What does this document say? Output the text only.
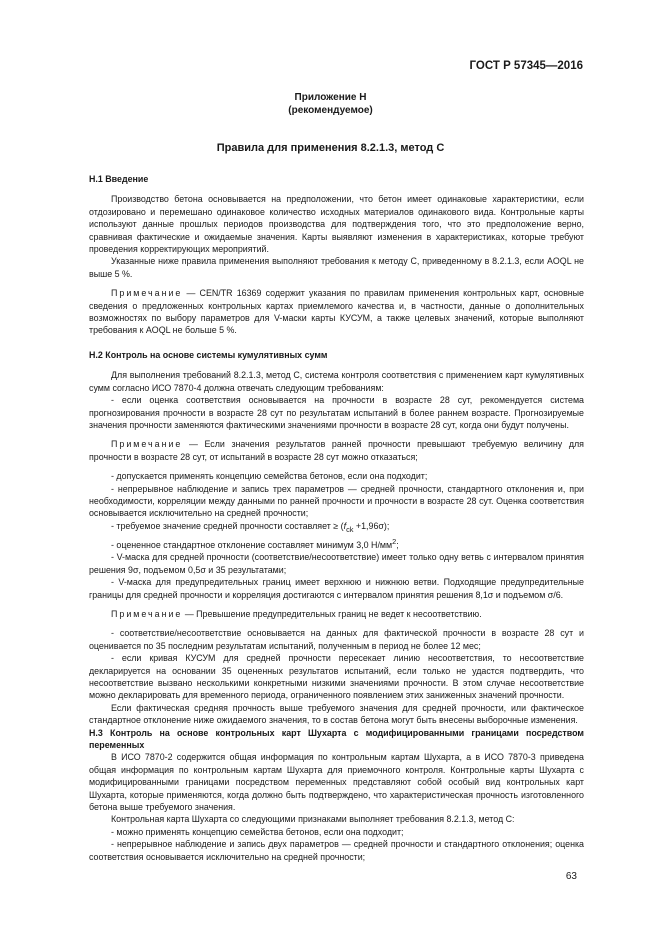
ГОСТ Р 57345—2016
Приложение Н
(рекомендуемое)
Правила для применения 8.2.1.3, метод С

Н.1 Введение

Производство бетона основывается на предположении, что бетон имеет одинаковые характеристики, если отдозировано и перемешано одинаковое количество исходных материалов одинакового вида. Контрольные карты используют данные прошлых периодов производства для подтверждения того, что это предположение верно, сравнивая фактические и ожидаемые значения. Карты выявляют изменения в характеристиках, которые требуют проведения корректирующих мероприятий.

Указанные ниже правила применения выполняют требования к методу С, приведенному в 8.2.1.3, если AOQL не выше 5 %.

Примечание — CEN/TR 16369 содержит указания по правилам применения контрольных карт, основные сведения о предложенных контрольных картах приемлемого качества и, в частности, данные о дополнительных возможностях по выбору параметров для V-маски карты КУСУМ, а также целевых значений, которые выполняют требования к AOQL не больше 5 %.

Н.2 Контроль на основе системы кумулятивных сумм

Для выполнения требований 8.2.1.3, метод С, система контроля соответствия с применением карт кумулятивных сумм согласно ИСО 7870-4 должна отвечать следующим требованиям:

- если оценка соответствия основывается на прочности в возрасте 28 сут, рекомендуется система прогнозирования прочности в возрасте 28 сут по результатам испытаний в более раннем возрасте. Прогнозируемые значения прочности заменяются фактическими значениями прочности в возрасте 28 сут, когда они будут получены.

Примечание — Если значения результатов ранней прочности превышают требуемую величину для прочности в возрасте 28 сут, от испытаний в возрасте 28 сут можно отказаться;

- допускается применять концепцию семейства бетонов, если она подходит;

- непрерывное наблюдение и запись трех параметров — средней прочности, стандартного отклонения и, при необходимости, корреляции между данными по ранней прочности и прочности в возрасте 28 сут. Оценка соответствия основывается исключительно на средней прочности;

- требуемое значение средней прочности составляет ≥ $(f_{ck} +1,96\sigma)$;

- оцененное стандартное отклонение составляет минимум 3,0 $Н/мм^2$;

- V-маска для средней прочности (соответствие/несоответствие) имеет только одну ветвь с интервалом принятия решения 9σ, подъемом 0,5σ и 35 результатами;

- V-маска для предупредительных границ имеет верхнюю и нижнюю ветви. Подходящие предупредительные границы для средней прочности и корреляция достигаются с интервалом принятия решения 8,1σ и подъемом σ/6.

Примечание — Превышение предупредительных границ не ведет к несоответствию.

- соответствие/несоответствие основывается на данных для фактической прочности в возрасте 28 сут и оценивается по 35 последним результатам испытаний, полученным в период не более 12 мес;

- если кривая КУСУМ для средней прочности пересекает линию несоответствия, то несоответствие декларируется на основании 35 оцененных результатов испытаний, если только не удастся подтвердить, что несоответствие вызвано несколькими конкретными низкими значениями прочности. В этом случае несоответствие можно декларировать для временного периода, ограниченного появлением этих заниженных значений прочности.

Если фактическая средняя прочность выше требуемого значения для средней прочности, или фактическое стандартное отклонение ниже ожидаемого значения, то в состав бетона могут быть внесены выборочные изменения.

Н.3 Контроль на основе контрольных карт Шухарта с модифицированными границами посредством переменных

В ИСО 7870-2 содержится общая информация по контрольным картам Шухарта, а в ИСО 7870-3 приведена общая информация по контрольным картам Шухарта для приемочного контроля. Контрольные карты Шухарта с модифицированными границами посредством переменных представляют собой особый вид контрольных карт Шухарта, которые применяются, когда должно быть подтверждено, что характеристическая прочность изготовленного бетона выше требуемого значения.

Контрольная карта Шухарта со следующими признаками выполняет требования 8.2.1.3, метод С:

- можно применять концепцию семейства бетонов, если она подходит;

- непрерывное наблюдение и запись двух параметров — средней прочности и стандартного отклонения; оценка соответствия основывается исключительно на средней прочности;

63
